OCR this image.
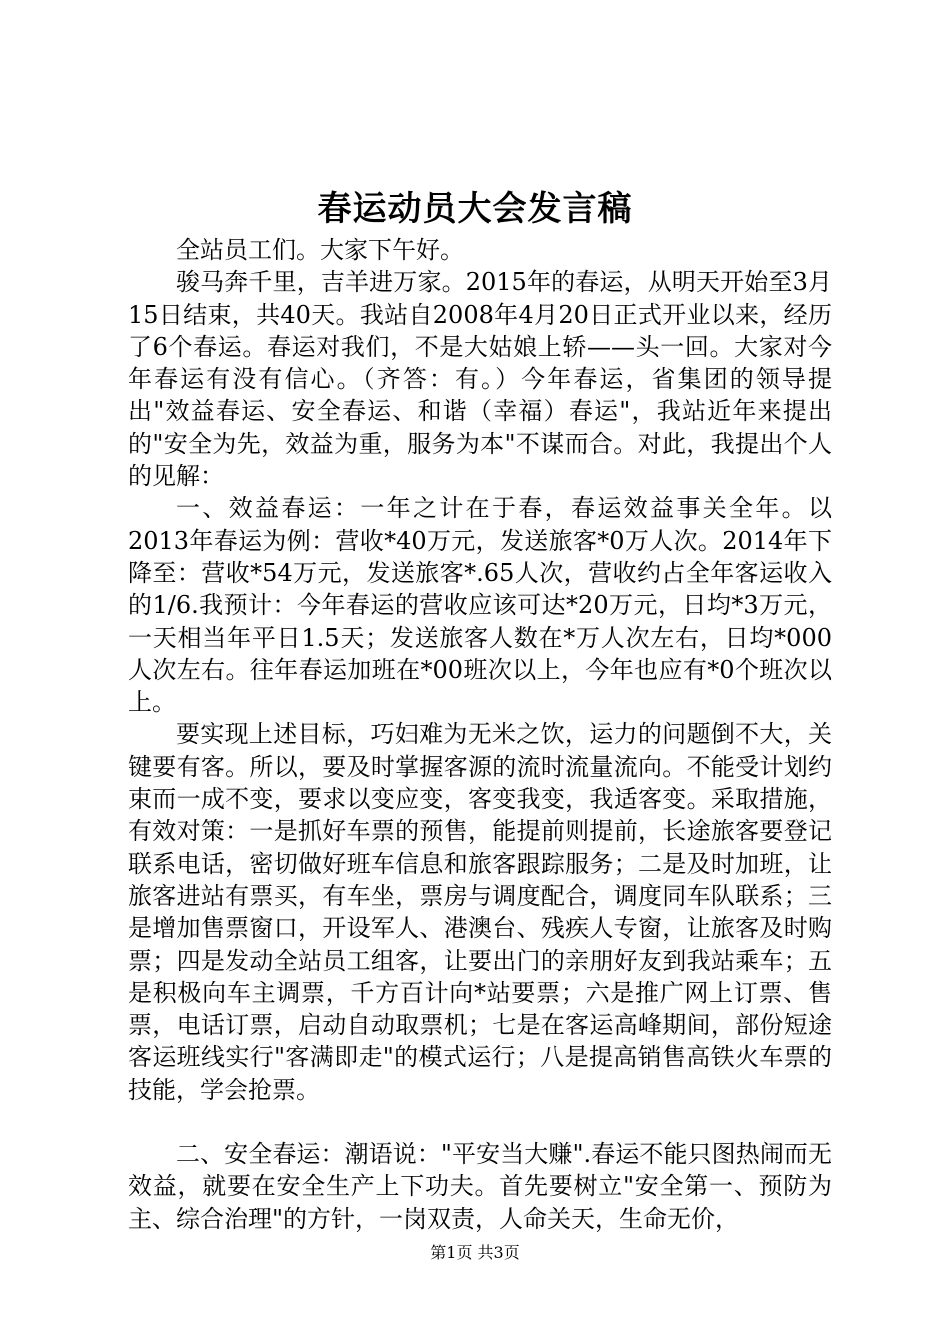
春运动员大会发言稿

全站员工们。大家下午好。

骏马奔千里，吉羊进万家。2015年的春运，从明天开始至3月15日结束，共40天。我站自2008年4月20日正式开业以来，经历了6个春运。春运对我们，不是大姑娘上轿——头一回。大家对今年春运有没有信心。（齐答：有。）今年春运，省集团的领导提出"效益春运、安全春运、和谐（幸福）春运"，我站近年来提出的"安全为先，效益为重，服务为本"不谋而合。对此，我提出个人的见解：

一、效益春运：一年之计在于春，春运效益事关全年。以2013年春运为例：营收*40万元，发送旅客*0万人次。2014年下降至：营收*54万元，发送旅客*.65人次，营收约占全年客运收入的1/6.我预计：今年春运的营收应该可达*20万元，日均*3万元，一天相当年平日1.5天；发送旅客人数在*万人次左右，日均*000人次左右。往年春运加班在*00班次以上，今年也应有*0个班次以上。

要实现上述目标，巧妇难为无米之饮，运力的问题倒不大，关键要有客。所以，要及时掌握客源的流时流量流向。不能受计划约束而一成不变，要求以变应变，客变我变，我适客变。采取措施，有效对策：一是抓好车票的预售，能提前则提前，长途旅客要登记联系电话，密切做好班车信息和旅客跟踪服务；二是及时加班，让旅客进站有票买，有车坐，票房与调度配合，调度同车队联系；三是增加售票窗口，开设军人、港澳台、残疾人专窗，让旅客及时购票；四是发动全站员工组客，让要出门的亲朋好友到我站乘车；五是积极向车主调票，千方百计向*站要票；六是推广网上订票、售票，电话订票，启动自动取票机；七是在客运高峰期间，部份短途客运班线实行"客满即走"的模式运行；八是提高销售高铁火车票的技能，学会抢票。

二、安全春运：潮语说："平安当大赚".春运不能只图热闹而无效益，就要在安全生产上下功夫。首先要树立"安全第一、预防为主、综合治理"的方针，一岗双责，人命关天，生命无价，

第1页 共3页
